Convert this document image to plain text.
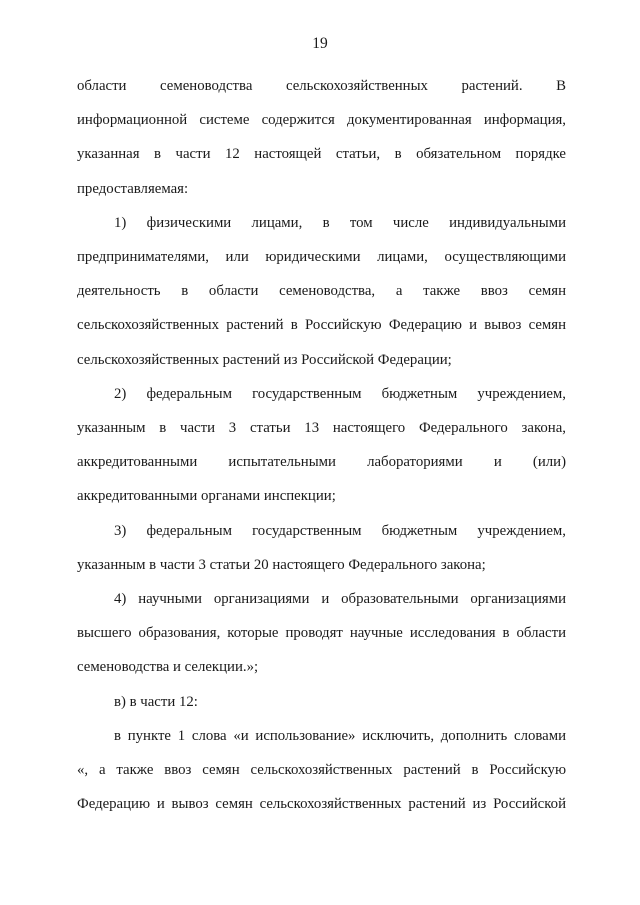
19
области семеноводства сельскохозяйственных растений. В
информационной системе содержится документированная информация,
указанная в части 12 настоящей статьи, в обязательном порядке
предоставляемая:
1) физическими лицами, в том числе индивидуальными
предпринимателями, или юридическими лицами, осуществляющими
деятельность в области семеноводства, а также ввоз семян
сельскохозяйственных растений в Российскую Федерацию и вывоз семян
сельскохозяйственных растений из Российской Федерации;
2) федеральным государственным бюджетным учреждением,
указанным в части 3 статьи 13 настоящего Федерального закона,
аккредитованными испытательными лабораториями и (или)
аккредитованными органами инспекции;
3) федеральным государственным бюджетным учреждением,
указанным в части 3 статьи 20 настоящего Федерального закона;
4) научными организациями и образовательными организациями
высшего образования, которые проводят научные исследования в области
семеноводства и селекции.»;
в) в части 12:
в пункте 1 слова «и использование» исключить, дополнить словами
«, а также ввоз семян сельскохозяйственных растений в Российскую
Федерацию и вывоз семян сельскохозяйственных растений из Российской
